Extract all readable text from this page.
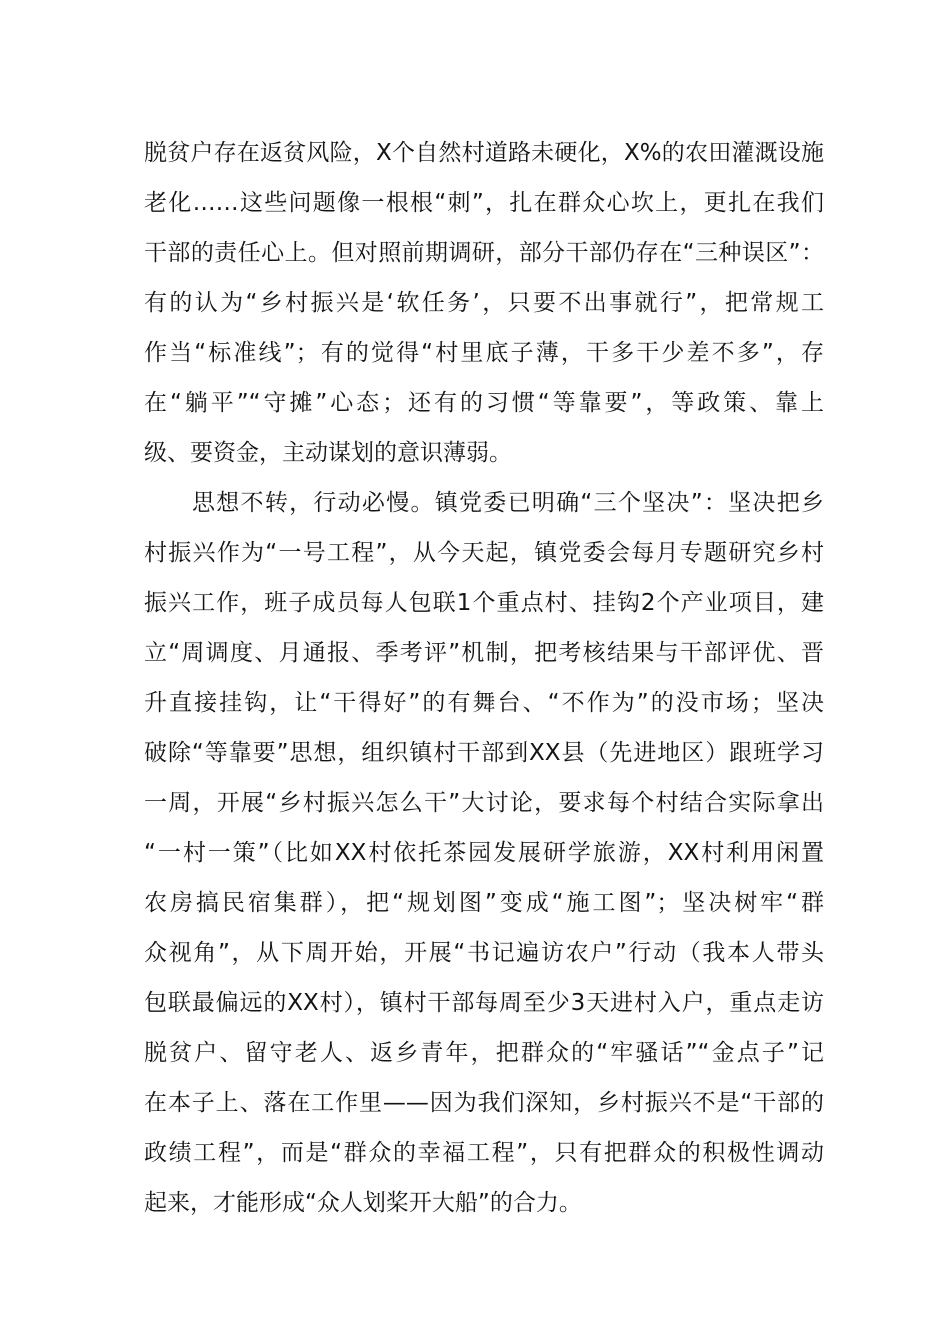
脱贫户存在返贫风险，X个自然村道路未硬化，X%的农田灌溉设施
老化……这些问题像一根根“刺”，扎在群众心坎上，更扎在我们
干部的责任心上。但对照前期调研，部分干部仍存在“三种误区”：
有的认为“乡村振兴是‘软任务’，只要不出事就行”，把常规工
作当“标准线”；有的觉得“村里底子薄，干多干少差不多”，存
在“躺平”“守摊”心态；还有的习惯“等靠要”，等政策、靠上
级、要资金，主动谋划的意识薄弱。
思想不转，行动必慢。镇党委已明确“三个坚决”：坚决把乡
村振兴作为“一号工程”，从今天起，镇党委会每月专题研究乡村
振兴工作，班子成员每人包联1个重点村、挂钩2个产业项目，建
立“周调度、月通报、季考评”机制，把考核结果与干部评优、晋
升直接挂钩，让“干得好”的有舞台、“不作为”的没市场；坚决
破除“等靠要”思想，组织镇村干部到XX县（先进地区）跟班学习
一周，开展“乡村振兴怎么干”大讨论，要求每个村结合实际拿出
“一村一策”（比如XX村依托茶园发展研学旅游，XX村利用闲置
农房搞民宿集群），把“规划图”变成“施工图”；坚决树牢“群
众视角”，从下周开始，开展“书记遍访农户”行动（我本人带头
包联最偏远的XX村），镇村干部每周至少3天进村入户，重点走访
脱贫户、留守老人、返乡青年，把群众的“牢骚话”“金点子”记
在本子上、落在工作里——因为我们深知，乡村振兴不是“干部的
政绩工程”，而是“群众的幸福工程”，只有把群众的积极性调动
起来，才能形成“众人划桨开大船”的合力。
